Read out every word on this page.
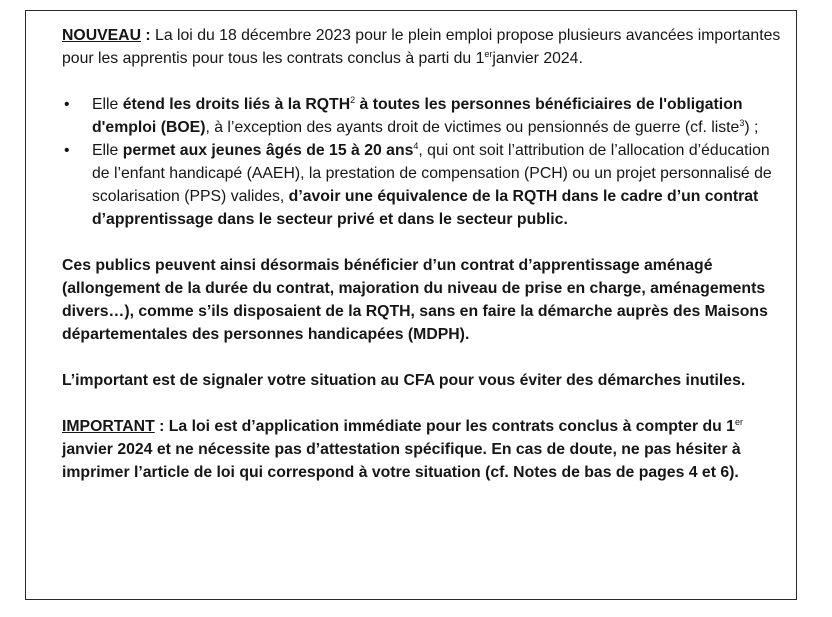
NOUVEAU : La loi du 18 décembre 2023 pour le plein emploi propose plusieurs avancées importantes pour les apprentis pour tous les contrats conclus à parti du 1erjanvier 2024.

• Elle étend les droits liés à la RQTH$^2$ à toutes les personnes bénéficiaires de l'obligation d'emploi (BOE), à l’exception des ayants droit de victimes ou pensionnés de guerre (cf. liste$^3$) ;
• Elle permet aux jeunes âgés de 15 à 20 ans$^4$, qui ont soit l’attribution de l’allocation d’éducation de l’enfant handicapé (AAEH), la prestation de compensation (PCH) ou un projet personnalisé de scolarisation (PPS) valides, d’avoir une équivalence de la RQTH dans le cadre d’un contrat d’apprentissage dans le secteur privé et dans le secteur public.

Ces publics peuvent ainsi désormais bénéficier d’un contrat d’apprentissage aménagé (allongement de la durée du contrat, majoration du niveau de prise en charge, aménagements divers…), comme s’ils disposaient de la RQTH, sans en faire la démarche auprès des Maisons départementales des personnes handicapées (MDPH).

L’important est de signaler votre situation au CFA pour vous éviter des démarches inutiles.

IMPORTANT : La loi est d’application immédiate pour les contrats conclus à compter du 1er janvier 2024 et ne nécessite pas d’attestation spécifique. En cas de doute, ne pas hésiter à imprimer l’article de loi qui correspond à votre situation (cf. Notes de bas de pages 4 et 6).
